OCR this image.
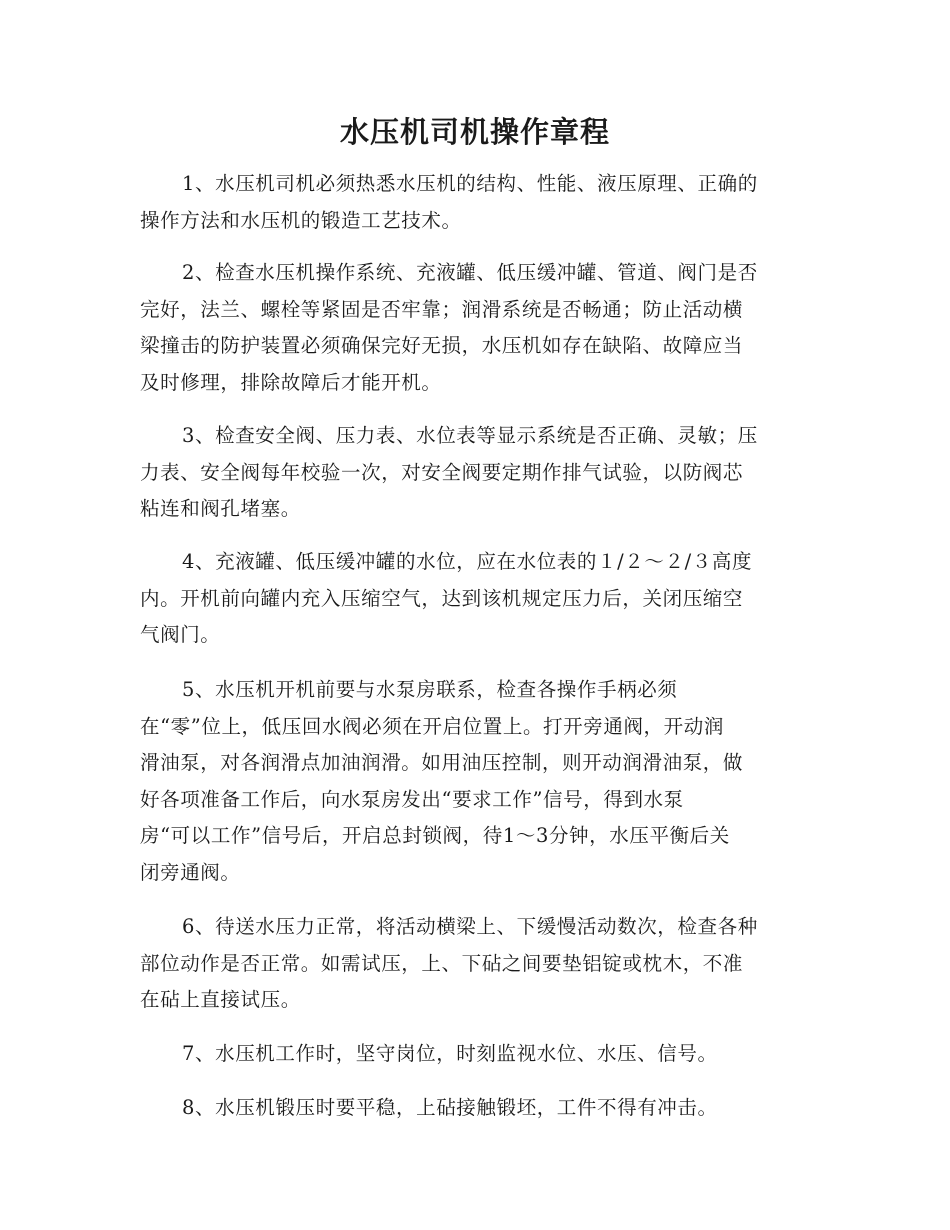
水压机司机操作章程

1、水压机司机必须热悉水压机的结构、性能、液压原理、正确的
操作方法和水压机的锻造工艺技术。

2、检查水压机操作系统、充液罐、低压缓冲罐、管道、阀门是否
完好，法兰、螺栓等紧固是否牢靠；润滑系统是否畅通；防止活动横
梁撞击的防护装置必须确保完好无损，水压机如存在缺陷、故障应当
及时修理，排除故障后才能开机。

3、检查安全阀、压力表、水位表等显示系统是否正确、灵敏；压
力表、安全阀每年校验一次，对安全阀要定期作排气试验，以防阀芯
粘连和阀孔堵塞。

4、充液罐、低压缓冲罐的水位，应在水位表的１/２～２/３高度
内。开机前向罐内充入压缩空气，达到该机规定压力后，关闭压缩空
气阀门。

5、水压机开机前要与水泵房联系，检查各操作手柄必须
在“零”位上，低压回水阀必须在开启位置上。打开旁通阀，开动润
滑油泵，对各润滑点加油润滑。如用油压控制，则开动润滑油泵，做
好各项准备工作后，向水泵房发出“要求工作”信号，得到水泵
房“可以工作”信号后，开启总封锁阀，待1～3分钟，水压平衡后关
闭旁通阀。

6、待送水压力正常，将活动横梁上、下缓慢活动数次，检查各种
部位动作是否正常。如需试压，上、下砧之间要垫铝锭或枕木，不准
在砧上直接试压。

7、水压机工作时，坚守岗位，时刻监视水位、水压、信号。

8、水压机锻压时要平稳，上砧接触锻坯，工件不得有冲击。
